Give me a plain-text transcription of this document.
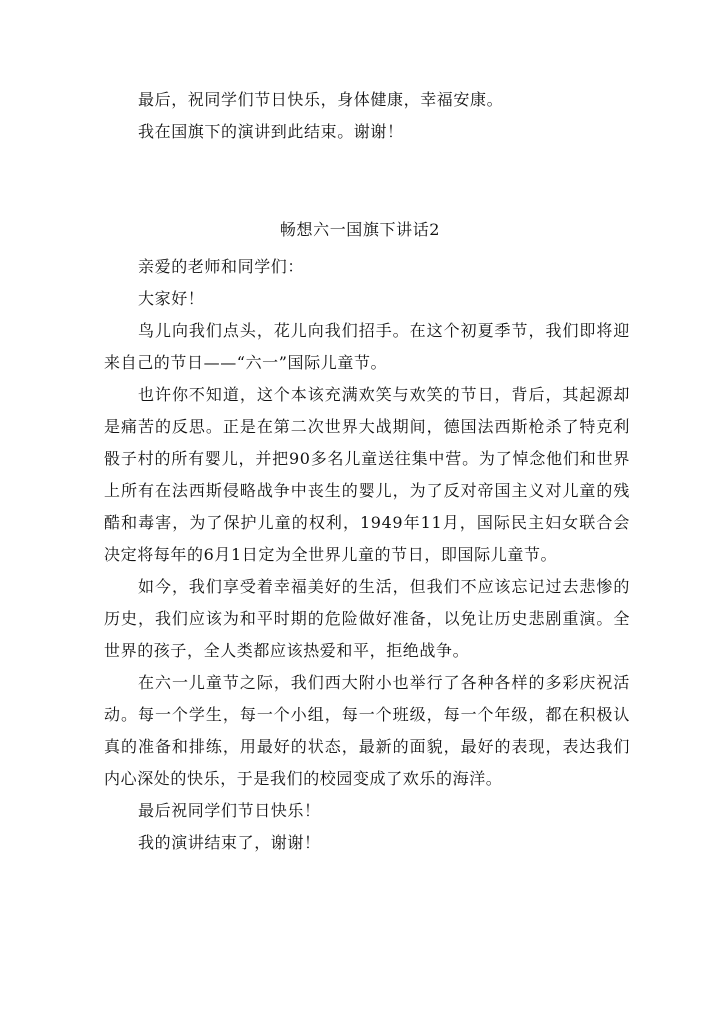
最后，祝同学们节日快乐，身体健康，幸福安康。

我在国旗下的演讲到此结束。谢谢！

畅想六一国旗下讲话2

亲爱的老师和同学们：

大家好！

鸟儿向我们点头，花儿向我们招手。在这个初夏季节，我们即将迎来自己的节日——“六一”国际儿童节。

也许你不知道，这个本该充满欢笑与欢笑的节日，背后，其起源却是痛苦的反思。正是在第二次世界大战期间，德国法西斯枪杀了特克利骰子村的所有婴儿，并把90多名儿童送往集中营。为了悼念他们和世界上所有在法西斯侵略战争中丧生的婴儿，为了反对帝国主义对儿童的残酷和毒害，为了保护儿童的权利，1949年11月，国际民主妇女联合会决定将每年的6月1日定为全世界儿童的节日，即国际儿童节。

如今，我们享受着幸福美好的生活，但我们不应该忘记过去悲惨的历史，我们应该为和平时期的危险做好准备，以免让历史悲剧重演。全世界的孩子，全人类都应该热爱和平，拒绝战争。

在六一儿童节之际，我们西大附小也举行了各种各样的多彩庆祝活动。每一个学生，每一个小组，每一个班级，每一个年级，都在积极认真的准备和排练，用最好的状态，最新的面貌，最好的表现，表达我们内心深处的快乐，于是我们的校园变成了欢乐的海洋。

最后祝同学们节日快乐！

我的演讲结束了，谢谢！
